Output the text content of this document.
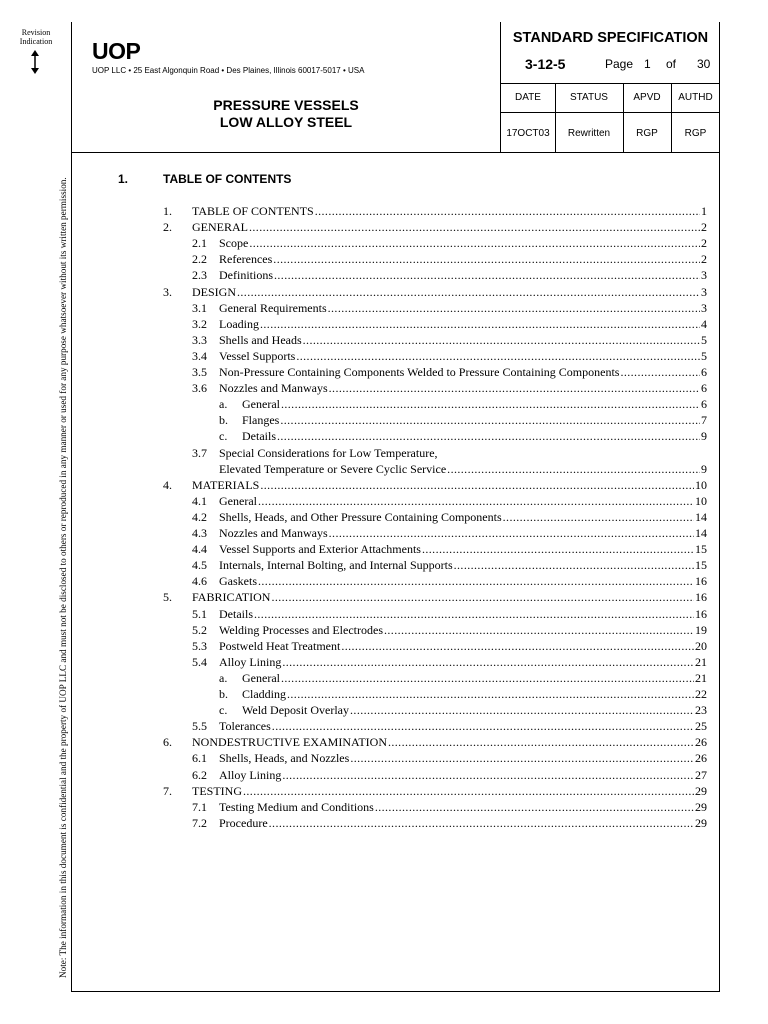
Revision Indication
Note: The information in this document is confidential and the property of UOP LLC and must not be disclosed to others or reproduced in any manner or used for any purpose whatsoever without its written permission.
UOP
UOP LLC • 25 East Algonquin Road • Des Plaines, Illinois 60017-5017 • USA
PRESSURE VESSELS
LOW ALLOY STEEL
STANDARD SPECIFICATION
3-12-5	Page 1 of 30
DATE	STATUS	APVD	AUTHD
17OCT03	Rewritten	RGP	RGP
1.	TABLE OF CONTENTS
1. TABLE OF CONTENTS .....	1
2. GENERAL .....	2
2.1 Scope .....	2
2.2 References .....	2
2.3 Definitions .....	3
3. DESIGN .....	3
3.1 General Requirements .....	3
3.2 Loading .....	4
3.3 Shells and Heads .....	5
3.4 Vessel Supports .....	5
3.5 Non-Pressure Containing Components Welded to Pressure Containing Components .....	6
3.6 Nozzles and Manways .....	6
a. General .....	6
b. Flanges .....	7
c. Details .....	9
3.7 Special Considerations for Low Temperature,
Elevated Temperature or Severe Cyclic Service .....	9
4. MATERIALS .....	10
4.1 General .....	10
4.2 Shells, Heads, and Other Pressure Containing Components .....	14
4.3 Nozzles and Manways .....	14
4.4 Vessel Supports and Exterior Attachments .....	15
4.5 Internals, Internal Bolting, and Internal Supports .....	15
4.6 Gaskets .....	16
5. FABRICATION .....	16
5.1 Details .....	16
5.2 Welding Processes and Electrodes .....	19
5.3 Postweld Heat Treatment .....	20
5.4 Alloy Lining .....	21
a. General .....	21
b. Cladding .....	22
c. Weld Deposit Overlay .....	23
5.5 Tolerances .....	25
6. NONDESTRUCTIVE EXAMINATION .....	26
6.1 Shells, Heads, and Nozzles .....	26
6.2 Alloy Lining .....	27
7. TESTING .....	29
7.1 Testing Medium and Conditions .....	29
7.2 Procedure .....	29
